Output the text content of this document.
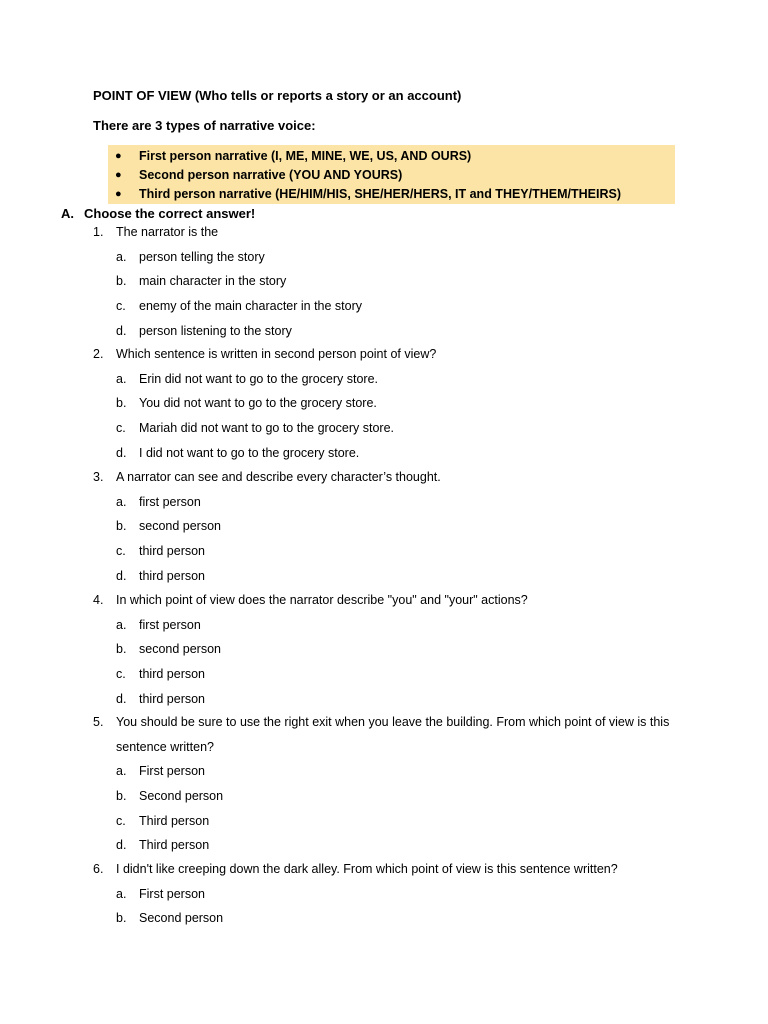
POINT OF VIEW (Who tells or reports a story or an account)
There are 3 types of narrative voice:
● First person narrative (I, ME, MINE, WE, US, AND OURS)
● Second person narrative (YOU AND YOURS)
● Third person narrative (HE/HIM/HIS, SHE/HER/HERS, IT and THEY/THEM/THEIRS)
A. Choose the correct answer!
1. The narrator is the
a. person telling the story
b. main character in the story
c. enemy of the main character in the story
d. person listening to the story
2. Which sentence is written in second person point of view?
a. Erin did not want to go to the grocery store.
b. You did not want to go to the grocery store.
c. Mariah did not want to go to the grocery store.
d. I did not want to go to the grocery store.
3. A narrator can see and describe every character’s thought.
a. first person
b. second person
c. third person
d. third person
4. In which point of view does the narrator describe "you" and "your" actions?
a. first person
b. second person
c. third person
d. third person
5. You should be sure to use the right exit when you leave the building. From which point of view is this sentence written?
a. First person
b. Second person
c. Third person
d. Third person
6. I didn't like creeping down the dark alley. From which point of view is this sentence written?
a. First person
b. Second person
